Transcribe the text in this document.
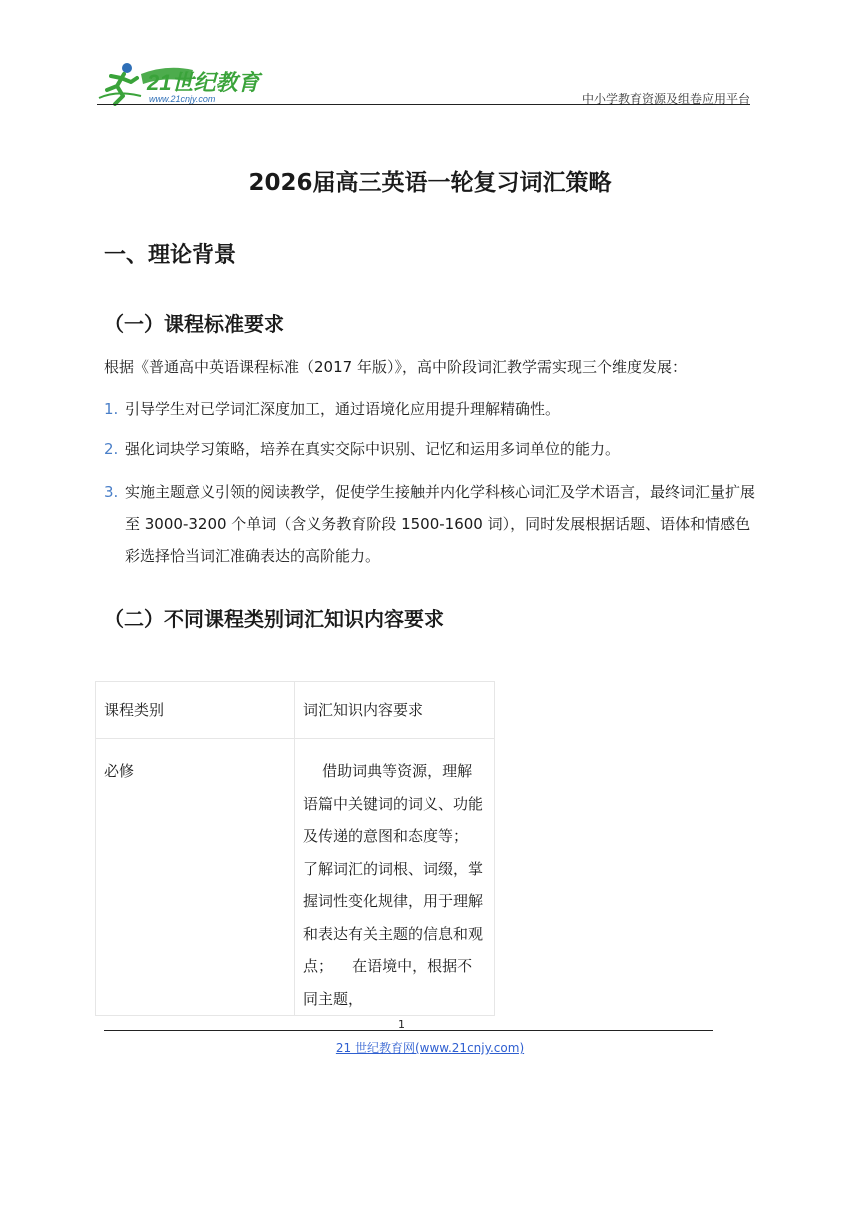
21世纪教育
www.21cnjy.com	中小学教育资源及组卷应用平台
2026届高三英语一轮复习词汇策略
一、理论背景
（一）课程标准要求
根据《普通高中英语课程标准（2017 年版）》，高中阶段词汇教学需实现三个维度发展：
1. 引导学生对已学词汇深度加工，通过语境化应用提升理解精确性。
2. 强化词块学习策略，培养在真实交际中识别、记忆和运用多词单位的能力。
3. 实施主题意义引领的阅读教学，促使学生接触并内化学科核心词汇及学术语言，最终词汇量扩展至 3000-3200 个单词（含义务教育阶段 1500-1600 词），同时发展根据话题、语体和情感色彩选择恰当词汇准确表达的高阶能力。
（二）不同课程类别词汇知识内容要求
课程类别	词汇知识内容要求

必修	借助词典等资源，理解语篇中关键词的词义、功能及传递的意图和态度等；    了解词汇的词根、词缀，掌握词性变化规律，用于理解和表达有关主题的信息和观点；    在语境中，根据不同主题，
1
21 世纪教育网(www.21cnjy.com)
